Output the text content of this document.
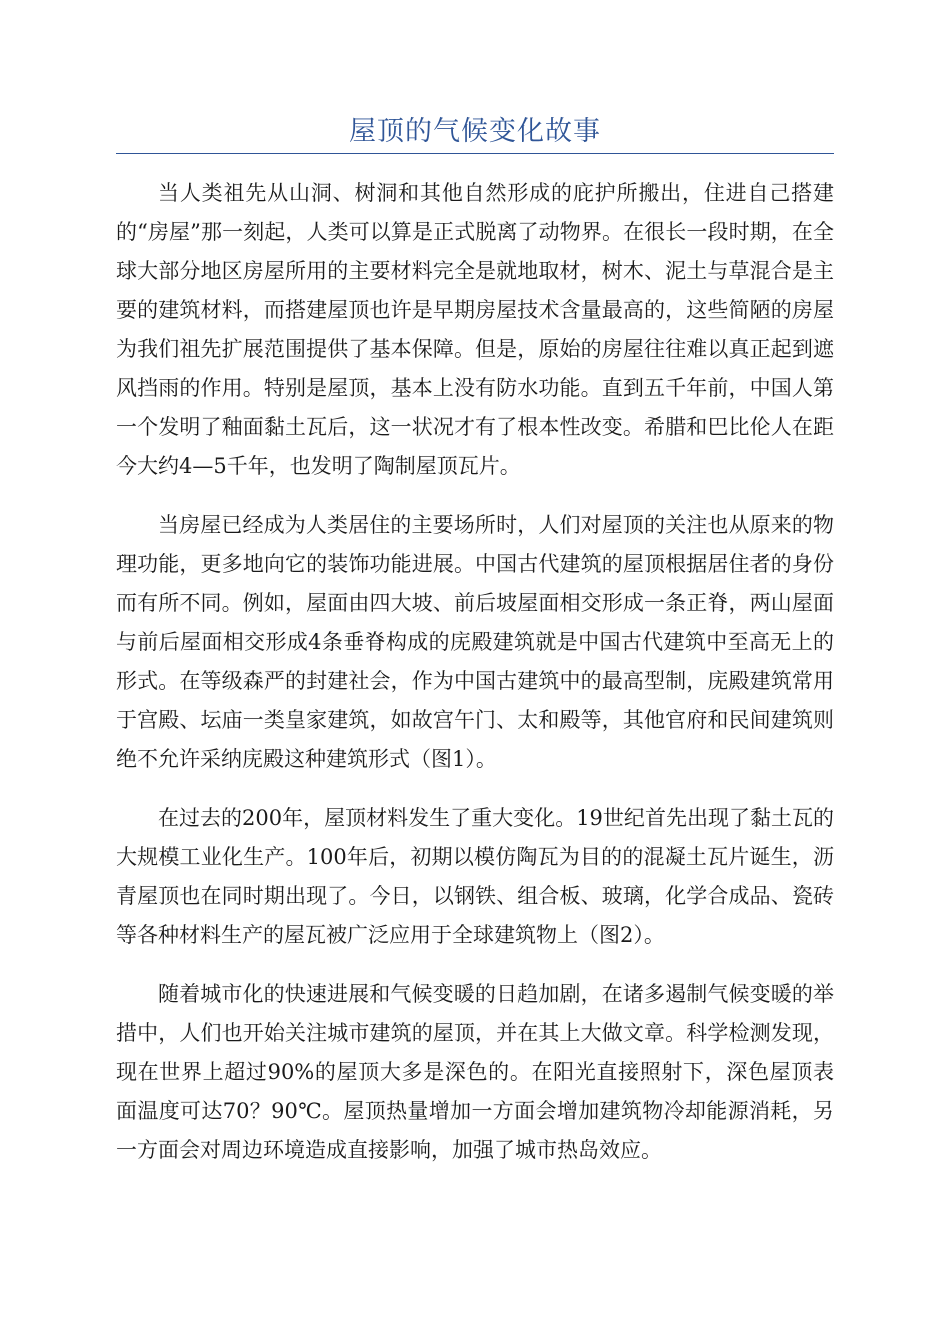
屋顶的气候变化故事

当人类祖先从山洞、树洞和其他自然形成的庇护所搬出，住进自己搭建的“房屋”那一刻起，人类可以算是正式脱离了动物界。在很长一段时期，在全球大部分地区房屋所用的主要材料完全是就地取材，树木、泥土与草混合是主要的建筑材料，而搭建屋顶也许是早期房屋技术含量最高的，这些简陋的房屋为我们祖先扩展范围提供了基本保障。但是，原始的房屋往往难以真正起到遮风挡雨的作用。特别是屋顶，基本上没有防水功能。直到五千年前，中国人第一个发明了釉面黏土瓦后，这一状况才有了根本性改变。希腊和巴比伦人在距今大约4—5千年，也发明了陶制屋顶瓦片。

当房屋已经成为人类居住的主要场所时，人们对屋顶的关注也从原来的物理功能，更多地向它的装饰功能进展。中国古代建筑的屋顶根据居住者的身份而有所不同。例如，屋面由四大坡、前后坡屋面相交形成一条正脊，两山屋面与前后屋面相交形成4条垂脊构成的庑殿建筑就是中国古代建筑中至高无上的形式。在等级森严的封建社会，作为中国古建筑中的最高型制，庑殿建筑常用于宫殿、坛庙一类皇家建筑，如故宫午门、太和殿等，其他官府和民间建筑则绝不允许采纳庑殿这种建筑形式（图1）。

在过去的200年，屋顶材料发生了重大变化。19世纪首先出现了黏土瓦的大规模工业化生产。100年后，初期以模仿陶瓦为目的的混凝土瓦片诞生，沥青屋顶也在同时期出现了。今日，以钢铁、组合板、玻璃，化学合成品、瓷砖等各种材料生产的屋瓦被广泛应用于全球建筑物上（图2）。

随着城市化的快速进展和气候变暖的日趋加剧，在诸多遏制气候变暖的举措中，人们也开始关注城市建筑的屋顶，并在其上大做文章。科学检测发现，现在世界上超过90%的屋顶大多是深色的。在阳光直接照射下，深色屋顶表面温度可达70？90℃。屋顶热量增加一方面会增加建筑物冷却能源消耗，另一方面会对周边环境造成直接影响，加强了城市热岛效应。
